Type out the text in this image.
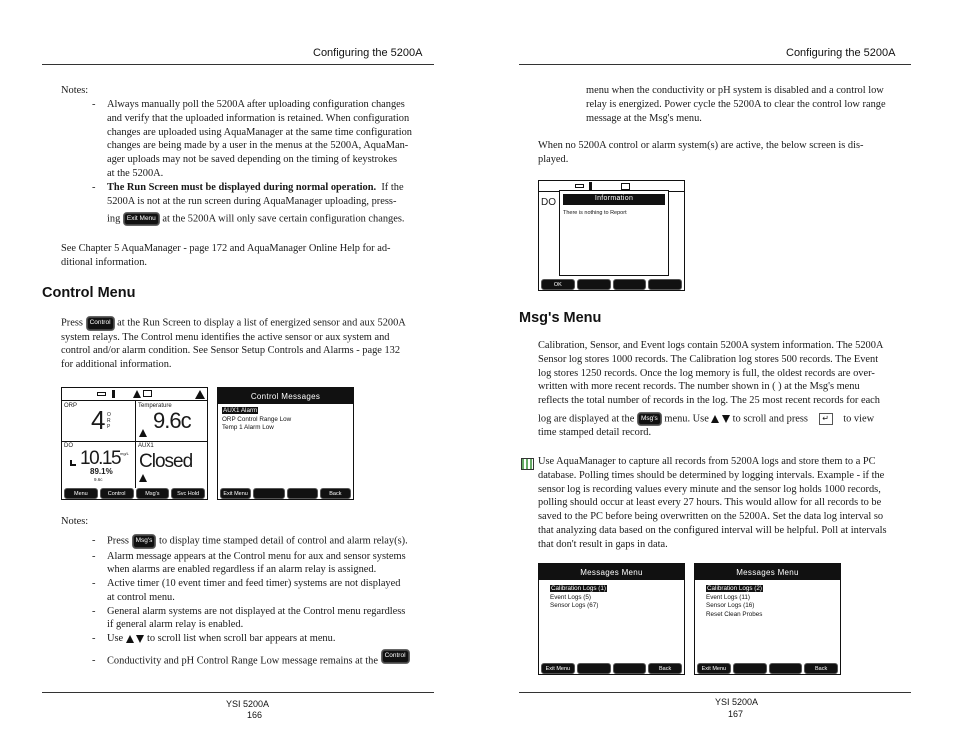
Configuring the 5200A
Notes:
- Always manually poll the 5200A after uploading configuration changes
and verify that the uploaded information is retained. When configuration
changes are uploaded using AquaManager at the same time configuration
changes are being made by a user in the menus at the 5200A, AquaMan-
ager uploads may not be saved depending on the timing of keystrokes
at the 5200A.
- The Run Screen must be displayed during normal operation. If the
5200A is not at the run screen during AquaManager uploading, press-
ing Exit Menu at the 5200A will only save certain configuration changes.
See Chapter 5 AquaManager - page 172 and AquaManager Online Help for ad-
ditional information.
Control Menu
Press Control at the Run Screen to display a list of energized sensor and aux 5200A
system relays. The Control menu identifies the active sensor or aux system and
control and/or alarm condition. See Sensor Setup Controls and Alarms - page 132
for additional information.
ORP 4 O
R
P
Temperature
9.6c
DO
10.15 mg/L
89.1%
9.6c
AUX1
Closed
Menu	Control	Msg's	Svc Hold
Control Messages
AUX1 Alarm
ORP Control Range Low
Temp 1 Alarm Low
Exit Menu	Back
Notes:
- Press Msg's to display time stamped detail of control and alarm relay(s).
- Alarm message appears at the Control menu for aux and sensor systems
when alarms are enabled regardless if an alarm relay is assigned.
- Active timer (10 event timer and feed timer) systems are not displayed
at control menu.
- General alarm systems are not displayed at the Control menu regardless
if general alarm relay is enabled.
- Use to scroll list when scroll bar appears at menu.
- Conductivity and pH Control Range Low message remains at the Control
YSI 5200A
166
Configuring the 5200A
menu when the conductivity or pH system is disabled and a control low
relay is energized. Power cycle the 5200A to clear the control low range
message at the Msg's menu.
When no 5200A control or alarm system(s) are active, the below screen is dis-
played.
DO	Information
There is nothing to Report
OK
Msg's Menu
Calibration, Sensor, and Event logs contain 5200A system information. The 5200A
Sensor log stores 1000 records. The Calibration log stores 500 records. The Event
log stores 1250 records. Once the log memory is full, the oldest records are over-
written with more recent records. The number shown in ( ) at the Msg's menu
reflects the total number of records in the log. The 25 most recent records for each
log are displayed at the Msg's menu. Use to scroll and press ↵ to view
time stamped detail record.
Use AquaManager to capture all records from 5200A logs and store them to a PC
database. Polling times should be determined by logging intervals. Example - if the
sensor log is recording values every minute and the sensor log holds 1000 records,
polling should occur at least every 27 hours. This would allow for all records to be
saved to the PC before being overwritten on the 5200A. Set the data log interval so
that analyzing data based on the configured interval will be helpful. Poll at intervals
that don't result in gaps in data.
Messages Menu
Calibration Logs (1)
Event Logs (5)
Sensor Logs (67)
Exit Menu	Back
Messages Menu
Calibration Logs (2)
Event Logs (11)
Sensor Logs (16)
Reset Clean Probes
Exit Menu	Back
YSI 5200A
167
